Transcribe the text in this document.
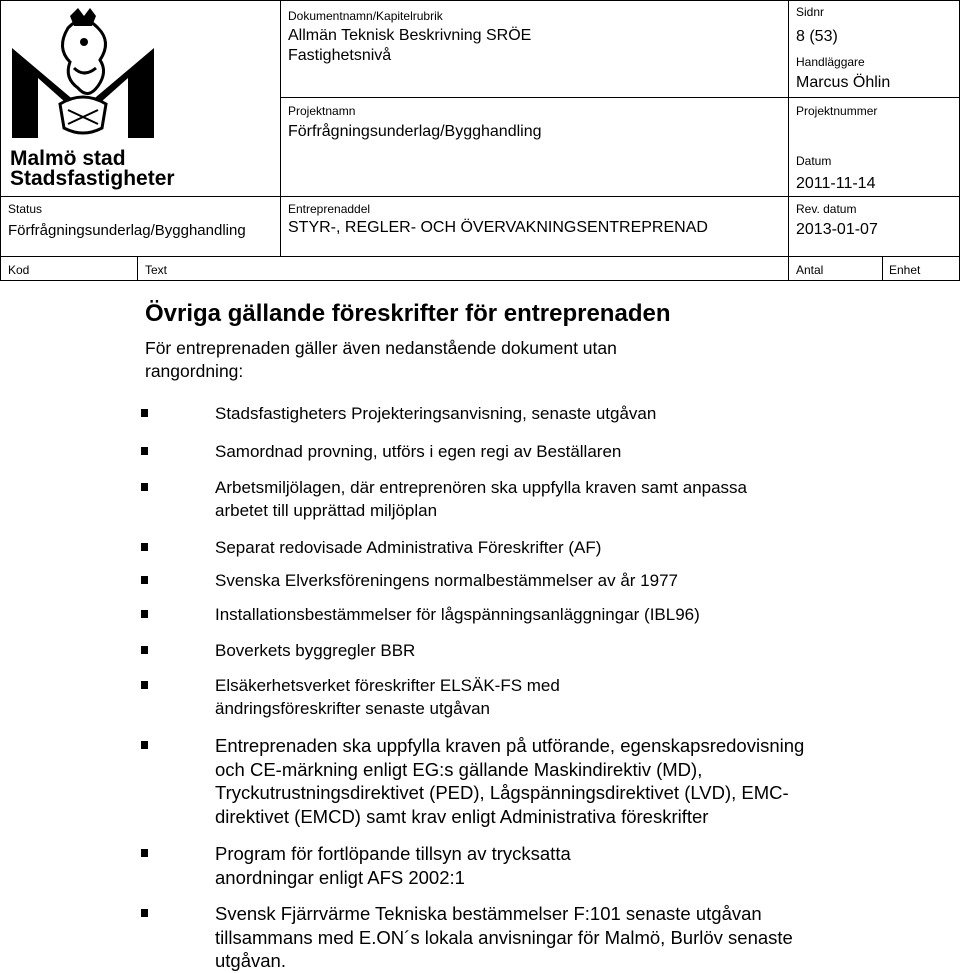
Malmö stad
Stadsfastigheter
Dokumentnamn/Kapitelrubrik
Allmän Teknisk Beskrivning SRÖE
Fastighetsnivå
Sidnr
8 (53)
Handläggare
Marcus Öhlin
Projektnamn
Förfrågningsunderlag/Bygghandling
Projektnummer
Datum
2011-11-14
Status
Förfrågningsunderlag/Bygghandling
Entreprenaddel
STYR-, REGLER- OCH ÖVERVAKNINGSENTREPRENAD
Rev. datum
2013-01-07
Kod	Text	Antal	Enhet
Övriga gällande föreskrifter för entreprenaden
För entreprenaden gäller även nedanstående dokument utan
rangordning:
Stadsfastigheters Projekteringsanvisning, senaste utgåvan
Samordnad provning, utförs i egen regi av Beställaren
Arbetsmiljölagen, där entreprenören ska uppfylla kraven samt anpassa
arbetet till upprättad miljöplan
Separat redovisade Administrativa Föreskrifter (AF)
Svenska Elverksföreningens normalbestämmelser av år 1977
Installationsbestämmelser för lågspänningsanläggningar (IBL96)
Boverkets byggregler BBR
Elsäkerhetsverket föreskrifter ELSÄK-FS med
ändringsföreskrifter senaste utgåvan
Entreprenaden ska uppfylla kraven på utförande, egenskapsredovisning
och CE-märkning enligt EG:s gällande Maskindirektiv (MD),
Tryckutrustningsdirektivet (PED), Lågspänningsdirektivet (LVD), EMC-
direktivet (EMCD) samt krav enligt Administrativa föreskrifter
Program för fortlöpande tillsyn av trycksatta
anordningar enligt AFS 2002:1
Svensk Fjärrvärme Tekniska bestämmelser F:101 senaste utgåvan
tillsammans med E.ON´s lokala anvisningar för Malmö, Burlöv senaste
utgåvan.
